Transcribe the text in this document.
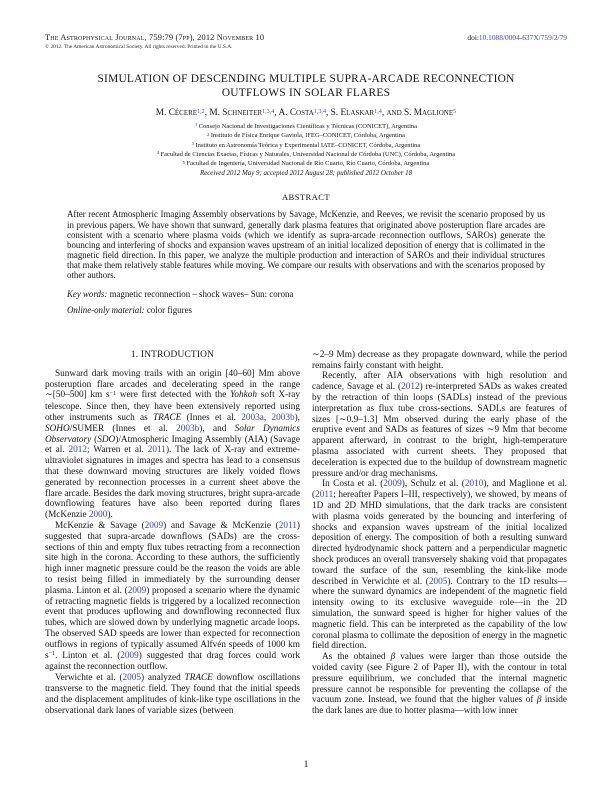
The Astrophysical Journal, 759:79 (7pp), 2012 November 10
© 2012. The American Astronomical Society. All rights reserved. Printed in the U.S.A.
doi:10.1088/0004-637X/759/2/79
SIMULATION OF DESCENDING MULTIPLE SUPRA-ARCADE RECONNECTION
OUTFLOWS IN SOLAR FLARES
M. Cécere$^{1,2}$, M. Schneiter$^{1,3,4}$, A. Costa$^{1,3,4}$, S. Elaskar$^{1,4}$, and S. Maglione$^5$
$^1$ Consejo Nacional de Investigaciones Científicas y Técnicas (CONICET), Argentina
$^2$ Instituto de Física Enrique Gaviola, IFEG–CONICET, Córdoba, Argentina
$^3$ Instituto en Astronomía Teórica y Experimental IATE–CONICET, Córdoba, Argentina
$^4$ Facultad de Ciencias Exactas, Físicas y Naturales, Universidad Nacional de Córdoba (UNC), Córdoba, Argentina
$^5$ Facultad de Ingeniería, Universidad Nacional de Río Cuarto, Río Cuarto, Córdoba, Argentina
Received 2012 May 9; accepted 2012 August 28; published 2012 October 18
ABSTRACT

After recent Atmospheric Imaging Assembly observations by Savage, McKenzie, and Reeves, we revisit the scenario proposed by us in previous papers. We have shown that sunward, generally dark plasma features that originated above posteruption flare arcades are consistent with a scenario where plasma voids (which we identify as supra-arcade reconnection outflows, SAROs) generate the bouncing and interfering of shocks and expansion waves upstream of an initial localized deposition of energy that is collimated in the magnetic field direction. In this paper, we analyze the multiple production and interaction of SAROs and their individual structures that make them relatively stable features while moving. We compare our results with observations and with the scenarios proposed by other authors.

Key words: magnetic reconnection – shock waves– Sun: corona
Online-only material: color figures
1. INTRODUCTION

Sunward dark moving trails with an origin [40–60] Mm above posteruption flare arcades and decelerating speed in the range ∼[50–500] km $s^{-1}$ were first detected with the Yohkoh soft X-ray telescope. Since then, they have been extensively reported using other instruments such as TRACE (Innes et al. 2003a, 2003b), SOHO/SUMER (Innes et al. 2003b), and Solar Dynamics Observatory (SDO)/Atmospheric Imaging Assembly (AIA) (Savage et al. 2012; Warren et al. 2011). The lack of X-ray and extreme-ultraviolet signatures in images and spectra has lead to a consensus that these downward moving structures are likely voided flows generated by reconnection processes in a current sheet above the flare arcade. Besides the dark moving structures, bright supra-arcade downflowing features have also been reported during flares (McKenzie 2000).

McKenzie & Savage (2009) and Savage & McKenzie (2011) suggested that supra-arcade downflows (SADs) are the cross-sections of thin and empty flux tubes retracting from a reconnection site high in the corona. According to these authors, the sufficiently high inner magnetic pressure could be the reason the voids are able to resist being filled in immediately by the surrounding denser plasma. Linton et al. (2009) proposed a scenario where the dynamic of retracting magnetic fields is triggered by a localized reconnection event that produces upflowing and downflowing reconnected flux tubes, which are slowed down by underlying magnetic arcade loops. The observed SAD speeds are lower than expected for reconnection outflows in regions of typically assumed Alfvén speeds of 1000 km $s^{-1}$. Linton et al. (2009) suggested that drag forces could work against the reconnection outflow.

Verwichte et al. (2005) analyzed TRACE downflow oscillations transverse to the magnetic field. They found that the initial speeds and the displacement amplitudes of kink-like type oscillations in the observational dark lanes of variable sizes (between

∼2–9 Mm) decrease as they propagate downward, while the period remains fairly constant with height.

Recently, after AIA observations with high resolution and cadence, Savage et al. (2012) re-interpreted SADs as wakes created by the retraction of thin loops (SADLs) instead of the previous interpretation as flux tube cross-sections. SADLs are features of sizes [∼0.9–1.3] Mm observed during the early phase of the eruptive event and SADs as features of sizes ∼9 Mm that become apparent afterward, in contrast to the bright, high-temperature plasma associated with current sheets. They proposed that deceleration is expected due to the buildup of downstream magnetic pressure and/or drag mechanisms.

In Costa et al. (2009), Schulz et al. (2010), and Maglione et al. (2011; hereafter Papers I–III, respectively), we showed, by means of 1D and 2D MHD simulations, that the dark tracks are consistent with plasma voids generated by the bouncing and interfering of shocks and expansion waves upstream of the initial localized deposition of energy. The composition of both a resulting sunward directed hydrodynamic shock pattern and a perpendicular magnetic shock produces an overall transversely shaking void that propagates toward the surface of the sun, resembling the kink-like mode described in Verwichte et al. (2005). Contrary to the 1D results—where the sunward dynamics are independent of the magnetic field intensity owing to its exclusive waveguide role—in the 2D simulation, the sunward speed is higher for higher values of the magnetic field. This can be interpreted as the capability of the low coronal plasma to collimate the deposition of energy in the magnetic field direction.

As the obtained β values were larger than those outside the voided cavity (see Figure 2 of Paper II), with the contour in total pressure equilibrium, we concluded that the internal magnetic pressure cannot be responsible for preventing the collapse of the vacuum zone. Instead, we found that the higher values of β inside the dark lanes are due to hotter plasma—with low inner

1
